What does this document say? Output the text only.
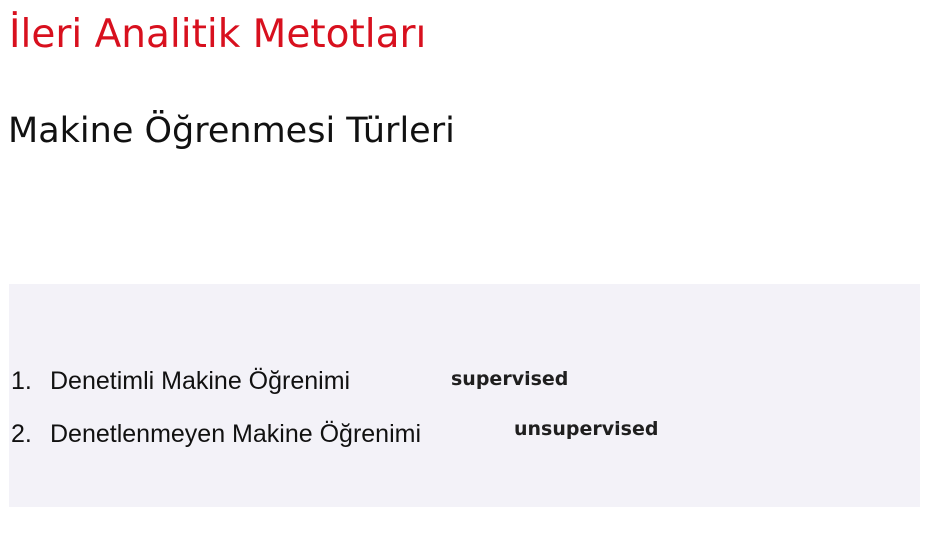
İleri Analitik Metotları
Makine Öğrenmesi Türleri
1. Denetimli Makine Öğrenimi	supervised
2. Denetlenmeyen Makine Öğrenimi	unsupervised
